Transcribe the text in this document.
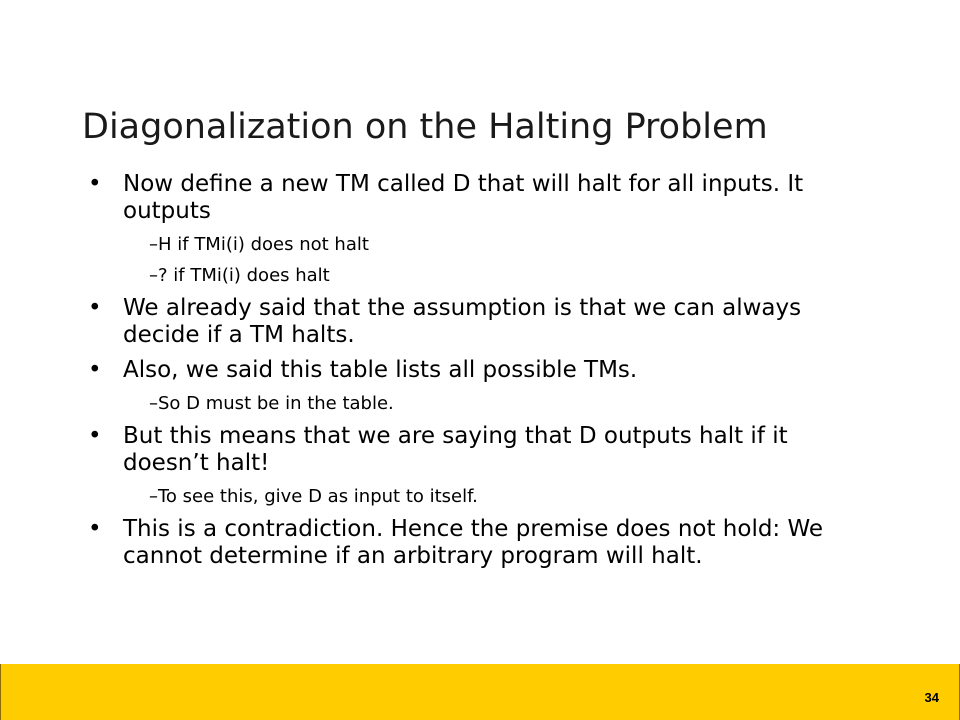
Diagonalization on the Halting Problem
• Now define a new TM called D that will halt for all inputs. It outputs
– H if TMi(i) does not halt
– ? if TMi(i) does halt
• We already said that the assumption is that we can always decide if a TM halts.
• Also, we said this table lists all possible TMs.
– So D must be in the table.
• But this means that we are saying that D outputs halt if it doesn’t halt!
– To see this, give D as input to itself.
• This is a contradiction. Hence the premise does not hold: We cannot determine if an arbitrary program will halt.
34
